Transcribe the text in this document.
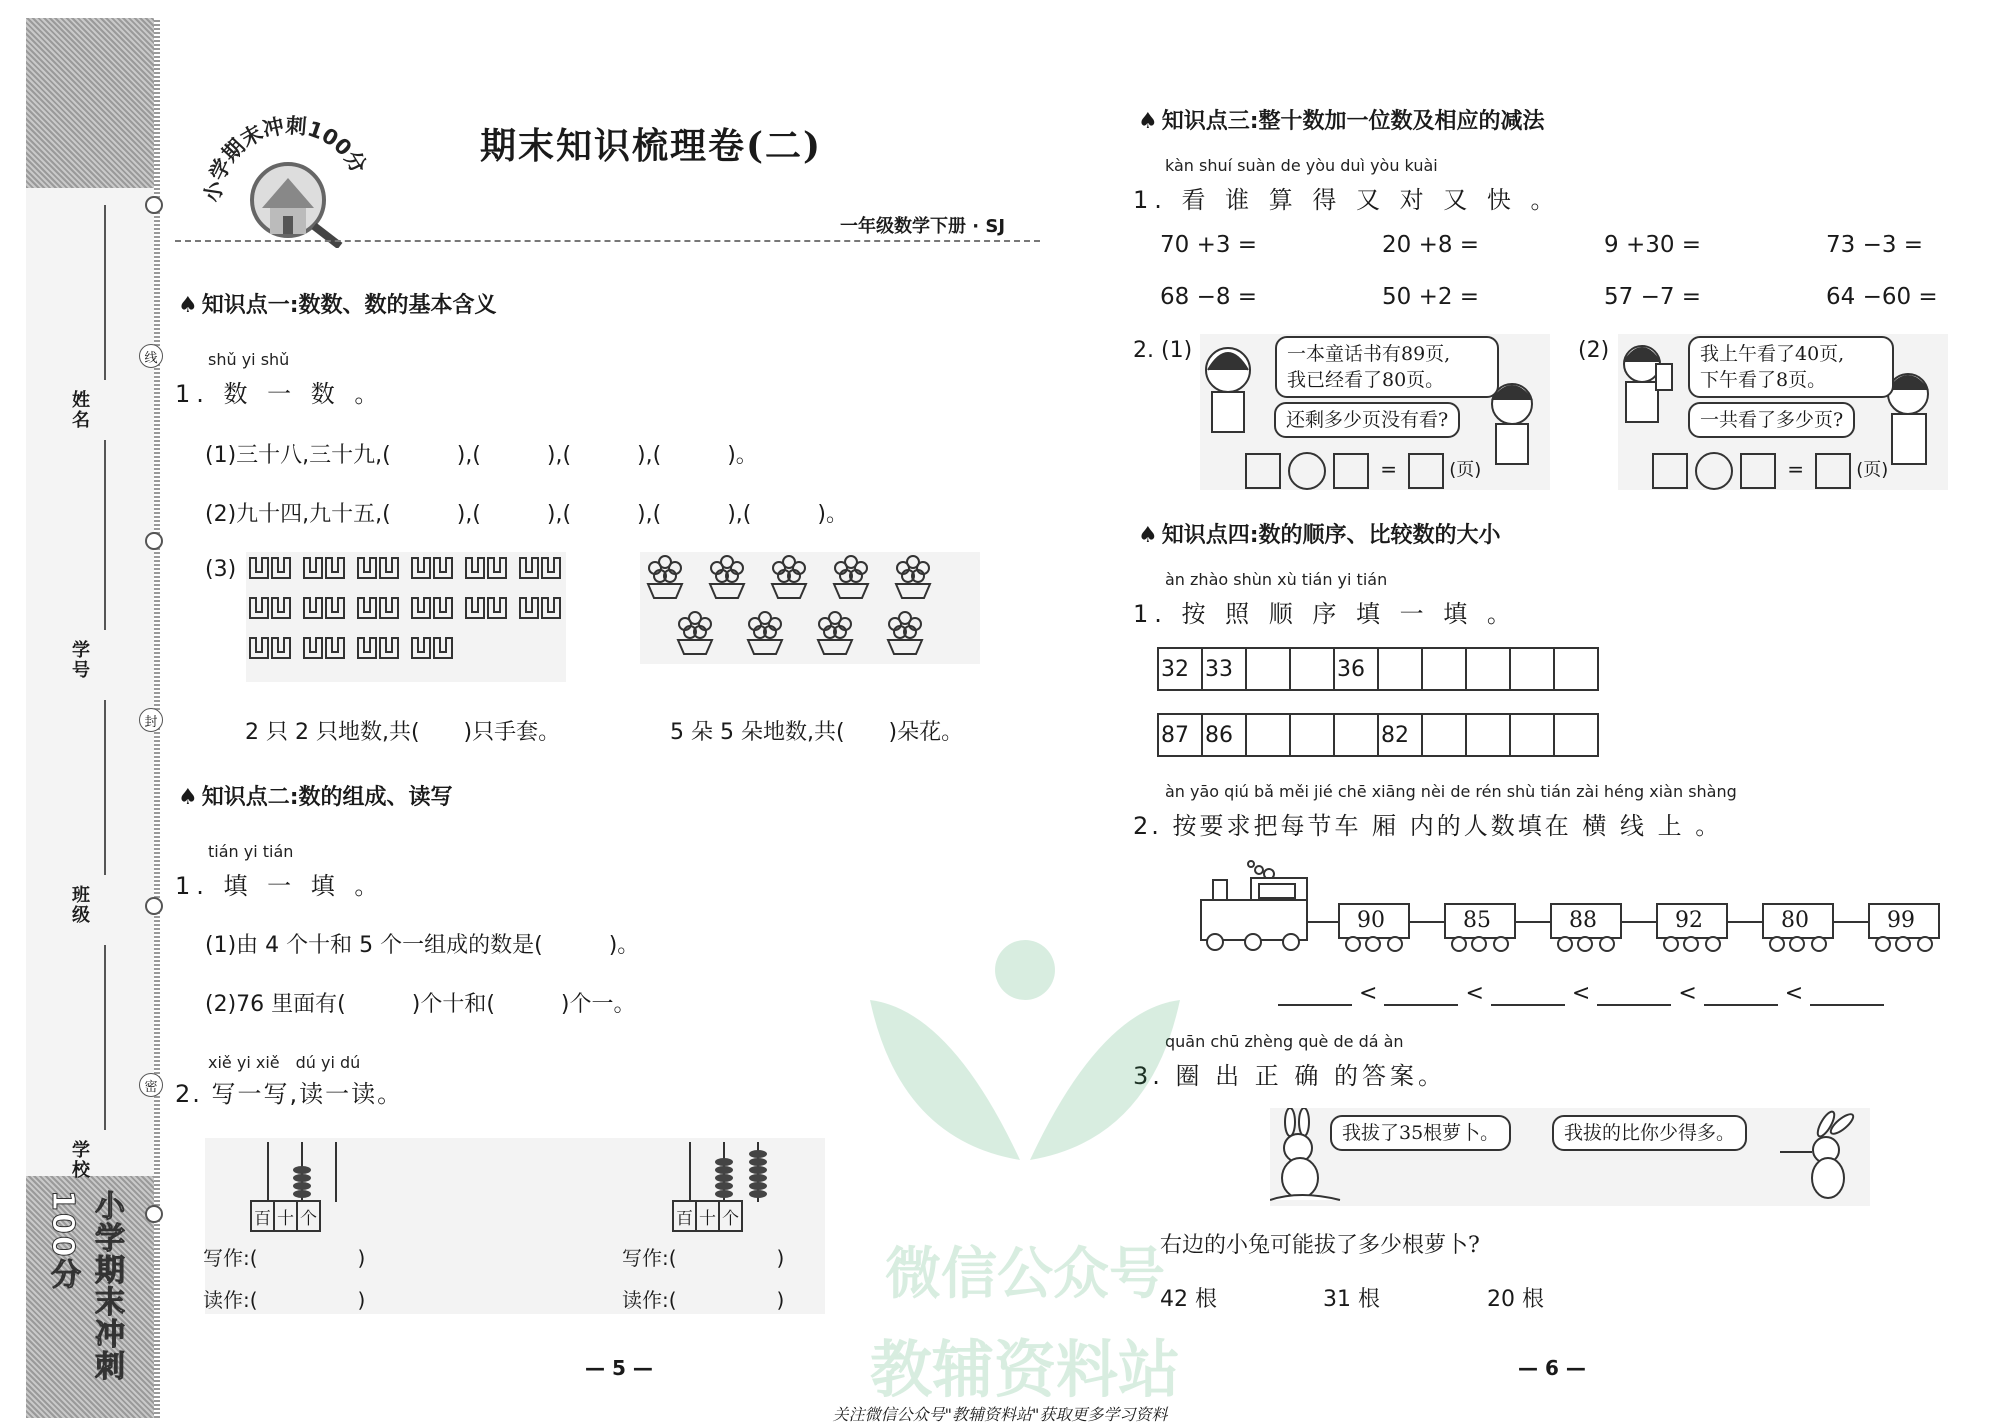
姓名
学号
班级
学校
线
封
密
小学期末冲刺100分
小学期末冲刺100分	期末知识梳理卷(二)
一年级数学下册 · SJ
♠ 知识点一:数数、数的基本含义
shǔ yi shǔ
1. 数 一 数 。
(1)三十八,三十九,(　　　),(　　　),(　　　),(　　　)。
(2)九十四,九十五,(　　　),(　　　),(　　　),(　　　),(　　　)。
(3)
2 只 2 只地数,共(　　)只手套。	5 朵 5 朵地数,共(　　)朵花。
♠ 知识点二:数的组成、读写
tián yi tián
1. 填 一 填 。
(1)由 4 个十和 5 个一组成的数是(　　　)。
(2)76 里面有(　　　)个十和(　　　)个一。
xiě yi xiě　dú yi dú
2. 写一写,读一读。
百	十	个	百	十	个
写作:(　　　　　)
读作:(　　　　　)
写作:(　　　　　)
读作:(　　　　　)
— 5 —
♠ 知识点三:整十数加一位数及相应的减法
kàn shuí suàn de yòu duì yòu kuài
1. 看 谁 算 得 又 对 又 快 。
70 +3 =	20 +8 =	9 +30 =	73 −3 =
68 −8 =	50 +2 =	57 −7 =	64 −60 =
2. (1)	一本童话书有89页,
我已经看了80页。
还剩多少页没有看?
=	(页)
(2)	我上午看了40页,
下午看了8页。
一共看了多少页?
=	(页)
♠ 知识点四:数的顺序、比较数的大小
àn zhào shùn xù tián yi tián
1. 按 照 顺 序 填 一 填 。
32	33			36					
87	86				82				
àn yāo qiú bǎ měi jié chē xiāng nèi de rén shù tián zài héng xiàn shàng
2. 按要求把每节车 厢 内的人数填在 横 线 上 。
90	85	88	92	80	99
<	<	<	<	<
quān chū zhèng què de dá àn
3. 圈 出 正 确 的答案。
我拔了35根萝卜。	我拔的比你少得多。
右边的小兔可能拔了多少根萝卜?
42 根	31 根	20 根
— 6 —
微信公众号
教辅资料站
关注微信公众号"教辅资料站"获取更多学习资料
